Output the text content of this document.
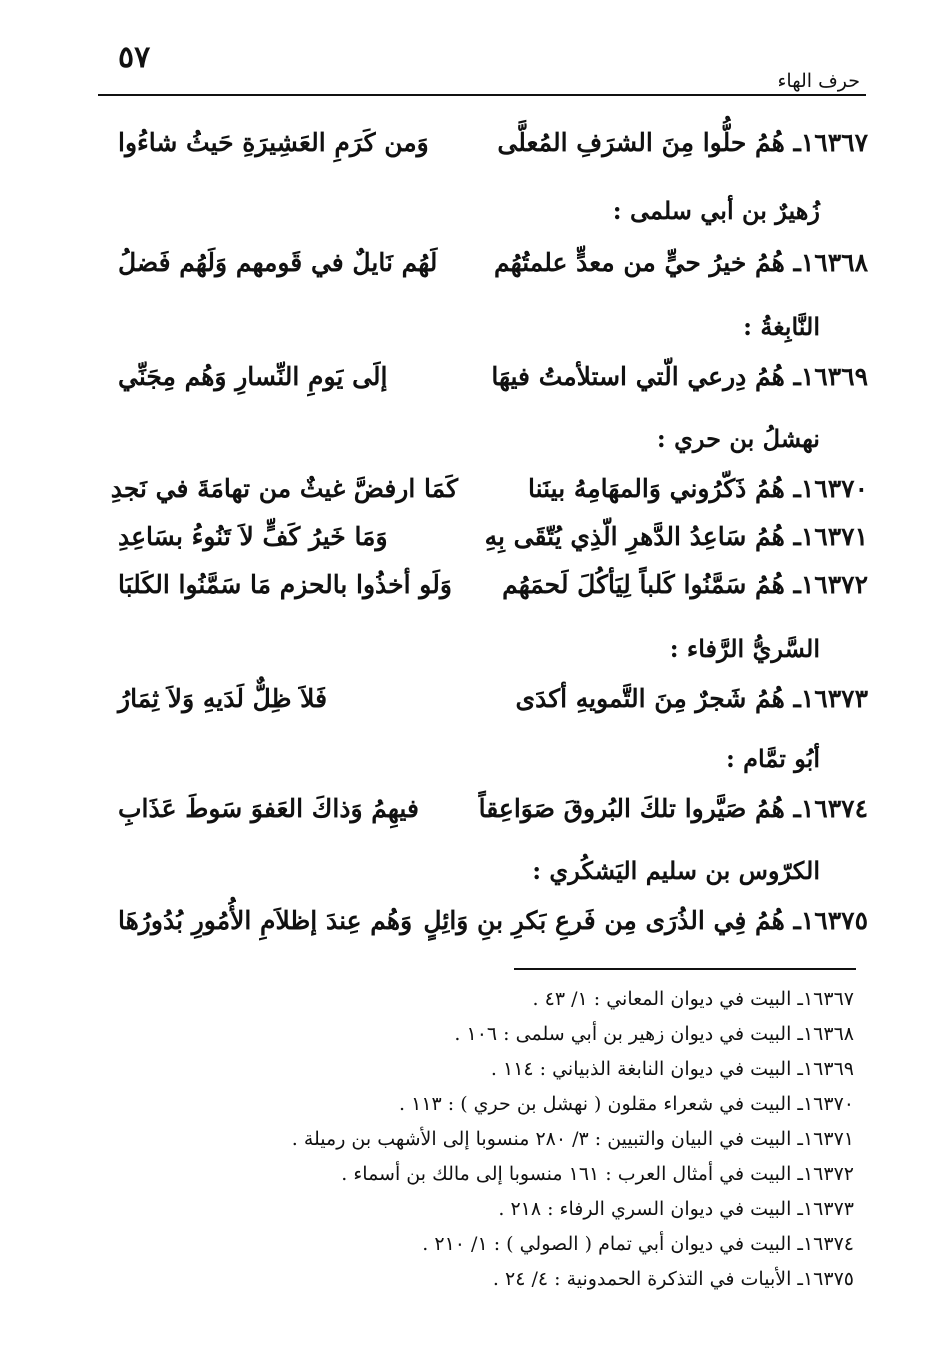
٥٧
حرف الهاء
١٦٣٦٧ـ هُمُ حلُّوا مِنَ الشرَفِ المُعلَّى
وَمن كَرَمِ العَشِيرَةِ حَيثُ شاءُوا
زُهيرٌ بن أبي سلمى :
١٦٣٦٨ـ هُمُ خيرُ حيٍّ من معدٍّ علمتُهُم
لَهُم نَايلٌ في قَومهم وَلَهُم فَضلُ
النَّابِغةُ :
١٦٣٦٩ـ هُمُ دِرعي الّتي استلأمتُ فيهَا
إلَى يَومِ النِّسارِ وَهُم مِجَنِّي
نهشلُ بن حري :
١٦٣٧٠ـ هُمُ ذَكّرُوني وَالمهَامِهُ بينَنا
كَمَا ارفضَّ غيثٌ من تهامَةَ في نَجدِ
١٦٣٧١ـ هُمُ سَاعِدُ الدَّهرِ الّذِي يُتّقَى بِهِ
وَمَا خَيرُ كَفٍّ لاَ تَنُوءُ بسَاعِدِ
١٦٣٧٢ـ هُمُ سَمَّنُوا كَلباً لِيَأكُلَ لَحمَهُم
وَلَو أخذُوا بالحزم مَا سَمَّنُوا الكَلبَا
السَّريُّ الرَّفاء :
١٦٣٧٣ـ هُمُ شَجرٌ مِنَ التَّمويهِ أكدَى
فَلاَ ظِلٌّ لَدَيهِ وَلاَ ثِمَارُ
أبُو تمَّام :
١٦٣٧٤ـ هُمُ صَيَّروا تلكَ البُروقَ صَوَاعِقاً
فيهِمُ وَذاكَ العَفوَ سَوطَ عَذَابِ
الكرّوس بن سليم اليَشكُري :
١٦٣٧٥ـ هُمُ فِي الذُرَى مِن فَرعِ بَكرِ بنِ وَائِلٍ
وَهُم عِندَ إظلاَمِ الأُمُورِ بُدُورُهَا
١٦٣٦٧ـ البيت في ديوان المعاني : ١/ ٤٣ .
١٦٣٦٨ـ البيت في ديوان زهير بن أبي سلمى : ١٠٦ .
١٦٣٦٩ـ البيت في ديوان النابغة الذبياني : ١١٤ .
١٦٣٧٠ـ البيت في شعراء مقلون ( نهشل بن حري ) : ١١٣ .
١٦٣٧١ـ البيت في البيان والتبيين : ٣/ ٢٨٠ منسوبا إلى الأشهب بن رميلة .
١٦٣٧٢ـ البيت في أمثال العرب : ١٦١ منسوبا إلى مالك بن أسماء .
١٦٣٧٣ـ البيت في ديوان السري الرفاء : ٢١٨ .
١٦٣٧٤ـ البيت في ديوان أبي تمام ( الصولي ) : ١/ ٢١٠ .
١٦٣٧٥ـ الأبيات في التذكرة الحمدونية : ٤/ ٢٤ .
